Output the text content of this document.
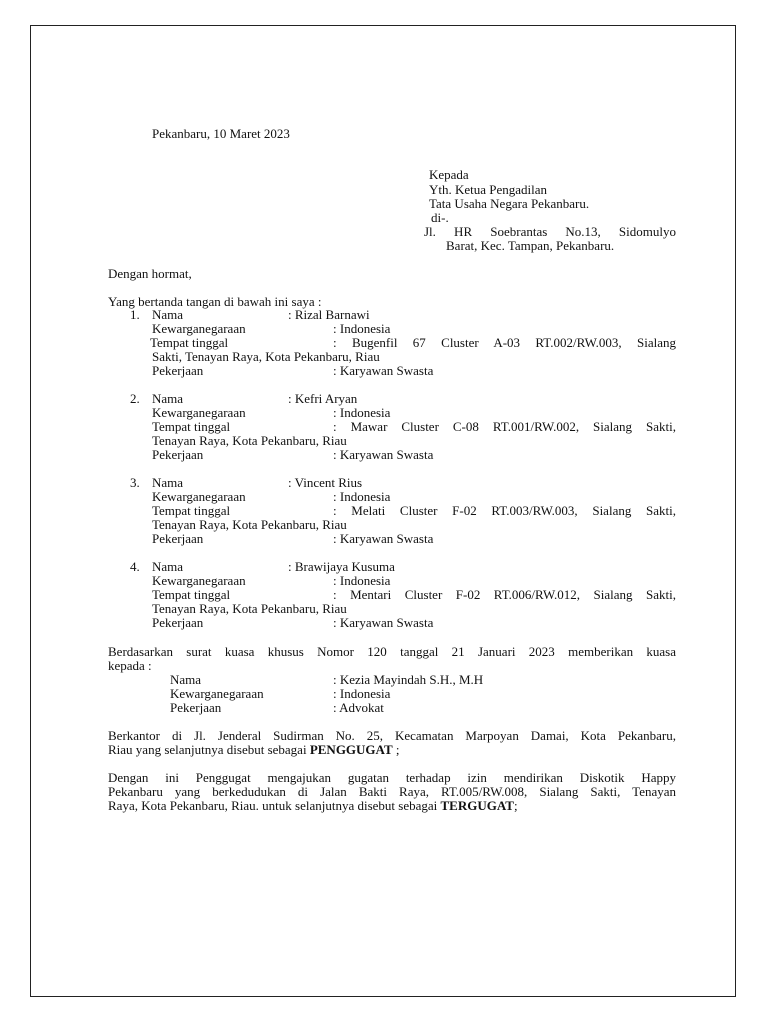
Pekanbaru, 10 Maret 2023
Kepada
Yth. Ketua Pengadilan
Tata Usaha Negara Pekanbaru.
di-.
Jl. HR Soebrantas No.13, Sidomulyo
Barat, Kec. Tampan, Pekanbaru.
Dengan hormat,
Yang bertanda tangan di bawah ini saya :
1. Nama	: Rizal Barnawi
Kewarganegaraan	: Indonesia
Tempat tinggal	: Bugenfil 67 Cluster A-03 RT.002/RW.003, Sialang
Sakti, Tenayan Raya, Kota Pekanbaru, Riau
Pekerjaan	: Karyawan Swasta
2. Nama	: Kefri Aryan
Kewarganegaraan	: Indonesia
Tempat tinggal	: Mawar Cluster C-08 RT.001/RW.002, Sialang Sakti,
Tenayan Raya, Kota Pekanbaru, Riau
Pekerjaan	: Karyawan Swasta
3. Nama	: Vincent Rius
Kewarganegaraan	: Indonesia
Tempat tinggal	: Melati Cluster F-02 RT.003/RW.003, Sialang Sakti,
Tenayan Raya, Kota Pekanbaru, Riau
Pekerjaan	: Karyawan Swasta
4. Nama	: Brawijaya Kusuma
Kewarganegaraan	: Indonesia
Tempat tinggal	: Mentari Cluster F-02 RT.006/RW.012, Sialang Sakti,
Tenayan Raya, Kota Pekanbaru, Riau
Pekerjaan	: Karyawan Swasta
Berdasarkan surat kuasa khusus Nomor 120 tanggal 21 Januari 2023 memberikan kuasa
kepada :
Nama	: Kezia Mayindah S.H., M.H
Kewarganegaraan	: Indonesia
Pekerjaan	: Advokat
Berkantor di Jl. Jenderal Sudirman No. 25, Kecamatan Marpoyan Damai, Kota Pekanbaru,
Riau yang selanjutnya disebut sebagai PENGGUGAT ;
Dengan ini Penggugat mengajukan gugatan terhadap izin mendirikan Diskotik Happy
Pekanbaru yang berkedudukan di Jalan Bakti Raya, RT.005/RW.008, Sialang Sakti, Tenayan
Raya, Kota Pekanbaru, Riau. untuk selanjutnya disebut sebagai TERGUGAT;
